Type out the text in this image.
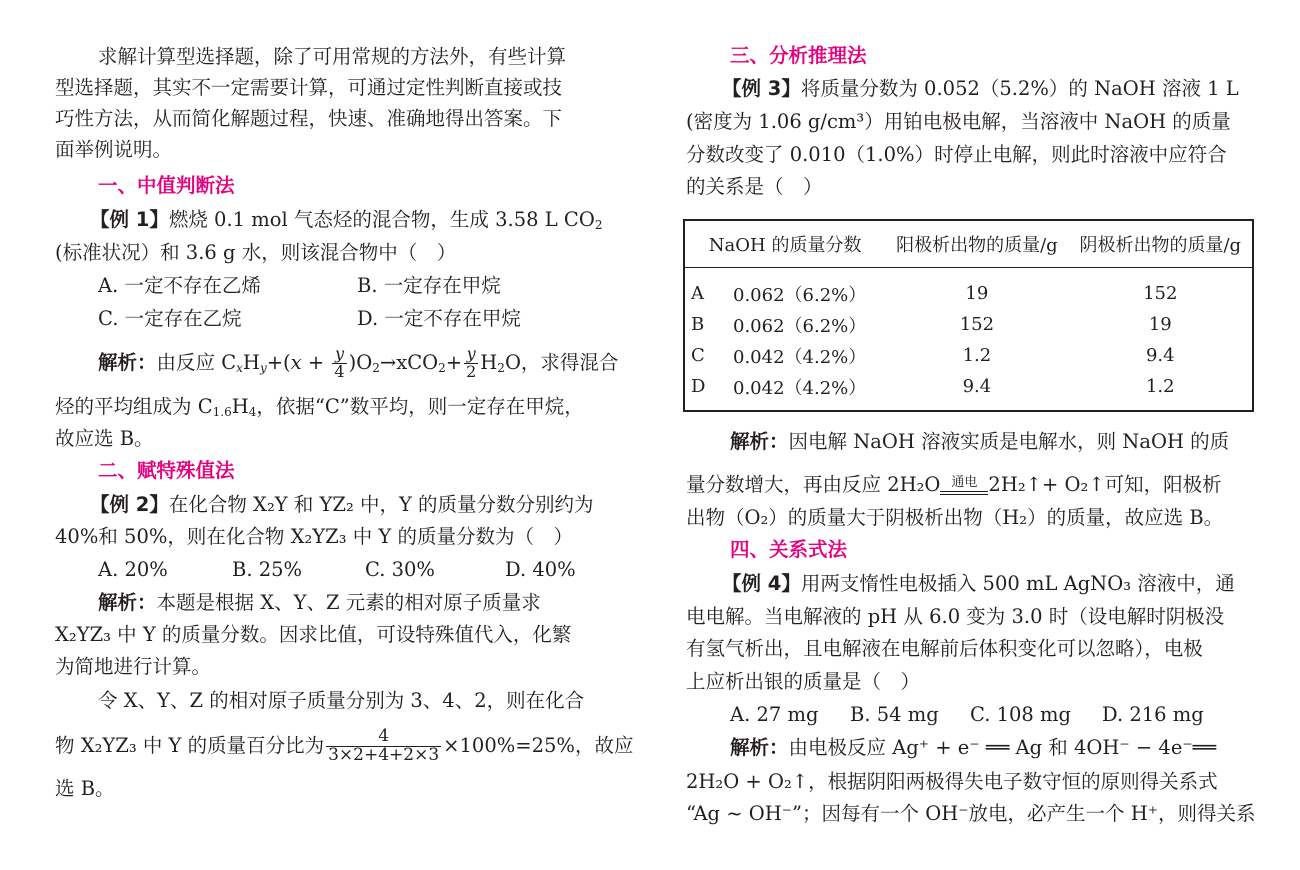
求解计算型选择题，除了可用常规的方法外，有些计算
型选择题，其实不一定需要计算，可通过定性判断直接或技
巧性方法，从而简化解题过程，快速、准确地得出答案。下
面举例说明。
一、中值判断法
【例 1】燃烧 0.1 mol 气态烃的混合物，生成 3.58 L $CO_2$
(标准状况）和 3.6 g 水，则该混合物中（　）
A. 一定不存在乙烯	B. 一定存在甲烷
C. 一定存在乙烷	D. 一定不存在甲烷
解析：由反应 $C_xH_y+(x + \frac{y}{4} )O_2\to xCO_2+ \frac{y}{2} H_2O$，求得混合
烃的平均组成为 $C_{1.6}H_4$，依据“C”数平均，则一定存在甲烷，
故应选 B。
二、赋特殊值法
【例 2】在化合物 X₂Y 和 YZ₂ 中，Y 的质量分数分别约为
40%和 50%，则在化合物 X₂YZ₃ 中 Y 的质量分数为（　）
A. 20%	B. 25%	C. 30%	D. 40%
解析：本题是根据 X、Y、Z 元素的相对原子质量求
X₂YZ₃ 中 Y 的质量分数。因求比值，可设特殊值代入，化繁
为简地进行计算。
令 X、Y、Z 的相对原子质量分别为 3、4、2，则在化合
物 X₂YZ₃ 中 Y 的质量百分比为 $\frac{4}{3\times 2+4+2\times 3} \times 100\%=25\%$，故应
选 B。
三、分析推理法
【例 3】将质量分数为 0.052（5.2%）的 NaOH 溶液 1 L
(密度为 1.06 g/cm³）用铂电极电解，当溶液中 NaOH 的质量
分数改变了 0.010（1.0%）时停止电解，则此时溶液中应符合
的关系是（　）
NaOH 的质量分数		阳极析出物的质量/g	阴极析出物的质量/g
A	0.062（6.2%）	19	152
B	0.062（6.2%）	152	19
C	0.042（4.2%）	1.2	9.4
D	0.042（4.2%）	9.4	1.2
解析：因电解 NaOH 溶液实质是电解水，则 NaOH 的质
量分数增大，再由反应 2H₂O 通电 2H₂↑+ O₂↑可知，阳极析
出物（O₂）的质量大于阴极析出物（H₂）的质量，故应选 B。
四、关系式法
【例 4】用两支惰性电极插入 500 mL AgNO₃ 溶液中，通
电电解。当电解液的 pH 从 6.0 变为 3.0 时（设电解时阴极没
有氢气析出，且电解液在电解前后体积变化可以忽略），电极
上应析出银的质量是（　）
A. 27 mg B. 54 mg C. 108 mg D. 216 mg
解析：由电极反应 Ag⁺ + e⁻ ══ Ag 和 4OH⁻ − 4e⁻══
2H₂O + O₂↑，根据阴阳两极得失电子数守恒的原则得关系式
“Ag ~ OH⁻”；因每有一个 OH⁻放电，必产生一个 H⁺，则得关系
